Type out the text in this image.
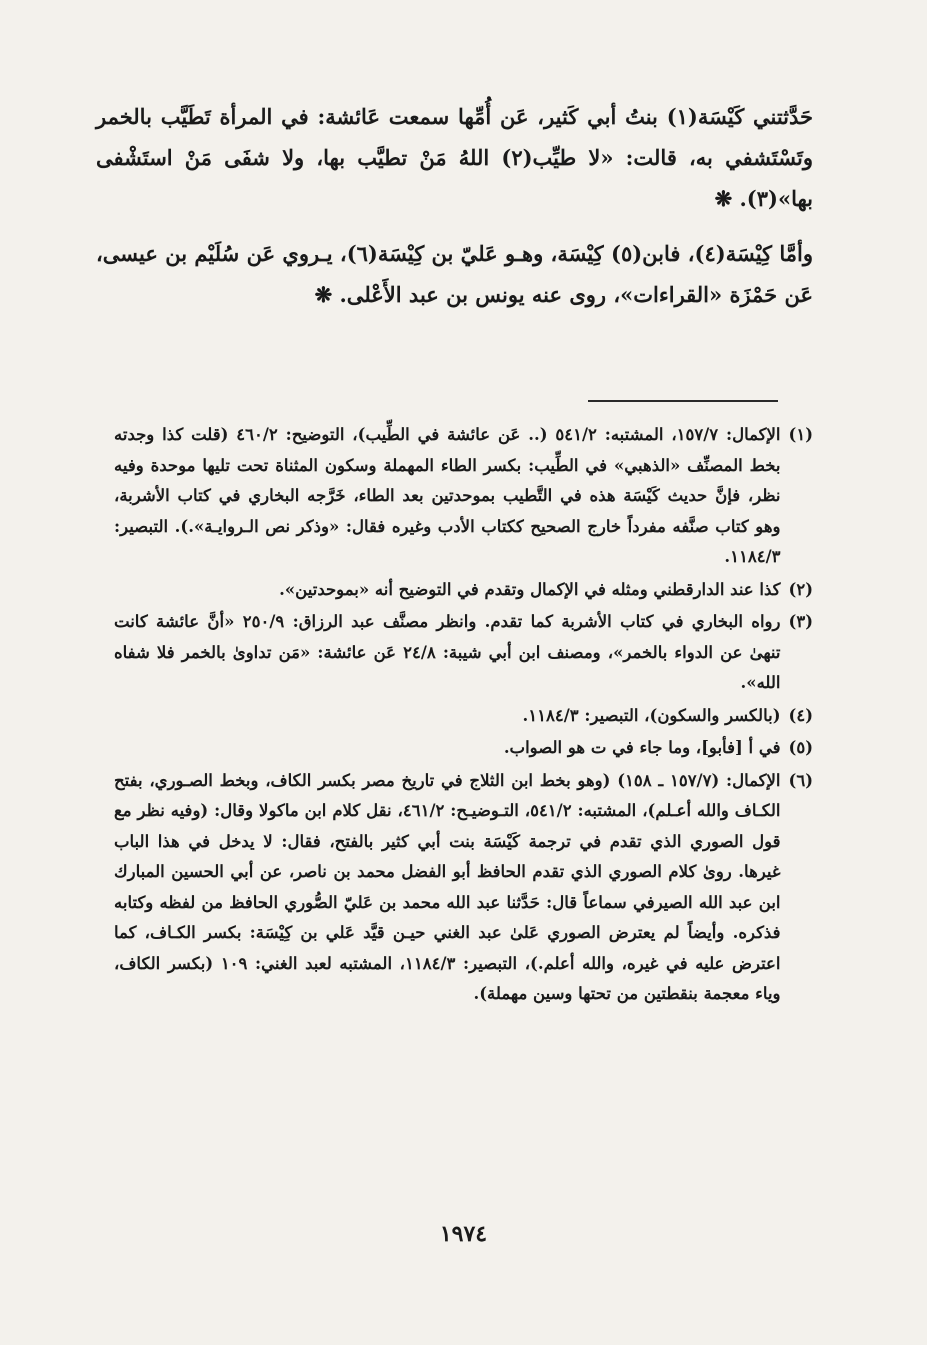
حَدَّثتني كَيْسَة(١) بنتُ أبي كَثير، عَن أُمِّها سمعت عَائشة: في المرأة تَطَيَّب بالخمر وتَسْتَشفي به، قالت: «لا طيِّب(٢) اللهُ مَنْ تطيَّب بها، ولا شفَى مَنْ استَشْفى بها»(٣). ❋

وأمَّا كِيْسَة(٤)، فابن(٥) كِيْسَة، وهـو عَليّ بن كِيْسَة(٦)، يـروي عَن سُلَيْم بن عيسى، عَن حَمْزَة «القراءات»، روى عنه يونس بن عبد الأَعْلى. ❋

(١)
الإكمال: ١٥٧/٧، المشتبه: ٥٤١/٢ (.. عَن عائشة في الطِّيب)، التوضيح: ٤٦٠/٢ (قلت كذا وجدته بخط المصنِّف «الذهبي» في الطِّيب: بكسر الطاء المهملة وسكون المثناة تحت تليها موحدة وفيه نظر، فإنَّ حديث كَيْسَة هذه في التَّطيب بموحدتين بعد الطاء، خَرَّجه البخاري في كتاب الأشربة، وهو كتاب صنَّفه مفرداً خارج الصحيح ككتاب الأدب وغيره فقال: «وذكر نص الـروايـة».). التبصير: ١١٨٤/٣.
(٢)
كذا عند الدارقطني ومثله في الإكمال وتقدم في التوضيح أنه «بموحدتين».
(٣)
رواه البخاري في كتاب الأشربة كما تقدم. وانظر مصنَّف عبد الرزاق: ٢٥٠/٩ «أنَّ عائشة كانت تنهىٰ عن الدواء بالخمر»، ومصنف ابن أبي شيبة: ٢٤/٨ عَن عائشة: «مَن تداوىٰ بالخمر فلا شفاه الله».
(٤)
(بالكسر والسكون)، التبصير: ١١٨٤/٣.
(٥)
في أ [فأبو]، وما جاء في ت هو الصواب.
(٦)
الإكمال: (١٥٧/٧ ـ ١٥٨) (وهو بخط ابن الثلاج في تاريخ مصر بكسر الكاف، وبخط الصـوري، بفتح الكـاف والله أعـلم)، المشتبه: ٥٤١/٢، التـوضيـح: ٤٦١/٢، نقل كلام ابن ماكولا وقال: (وفيه نظر مع قول الصوري الذي تقدم في ترجمة كَيْسَة بنت أبي كثير بالفتح، فقال: لا يدخل في هذا الباب غيرها. روىٰ كلام الصوري الذي تقدم الحافظ أبو الفضل محمد بن ناصر، عن أبي الحسين المبارك ابن عبد الله الصيرفي سماعاً قال: حَدَّثنا عبد الله محمد بن عَليّ الصُّوري الحافظ من لفظه وكتابه فذكره. وأيضاً لم يعترض الصوري عَلىٰ عبد الغني حيـن قيَّد عَلي بن كِيْسَة: بكسر الكـاف، كما اعترض عليه في غيره، والله أعلم.)، التبصير: ١١٨٤/٣، المشتبه لعبد الغني: ١٠٩ (بكسر الكاف، وياء معجمة بنقطتين من تحتها وسين مهملة).
١٩٧٤
